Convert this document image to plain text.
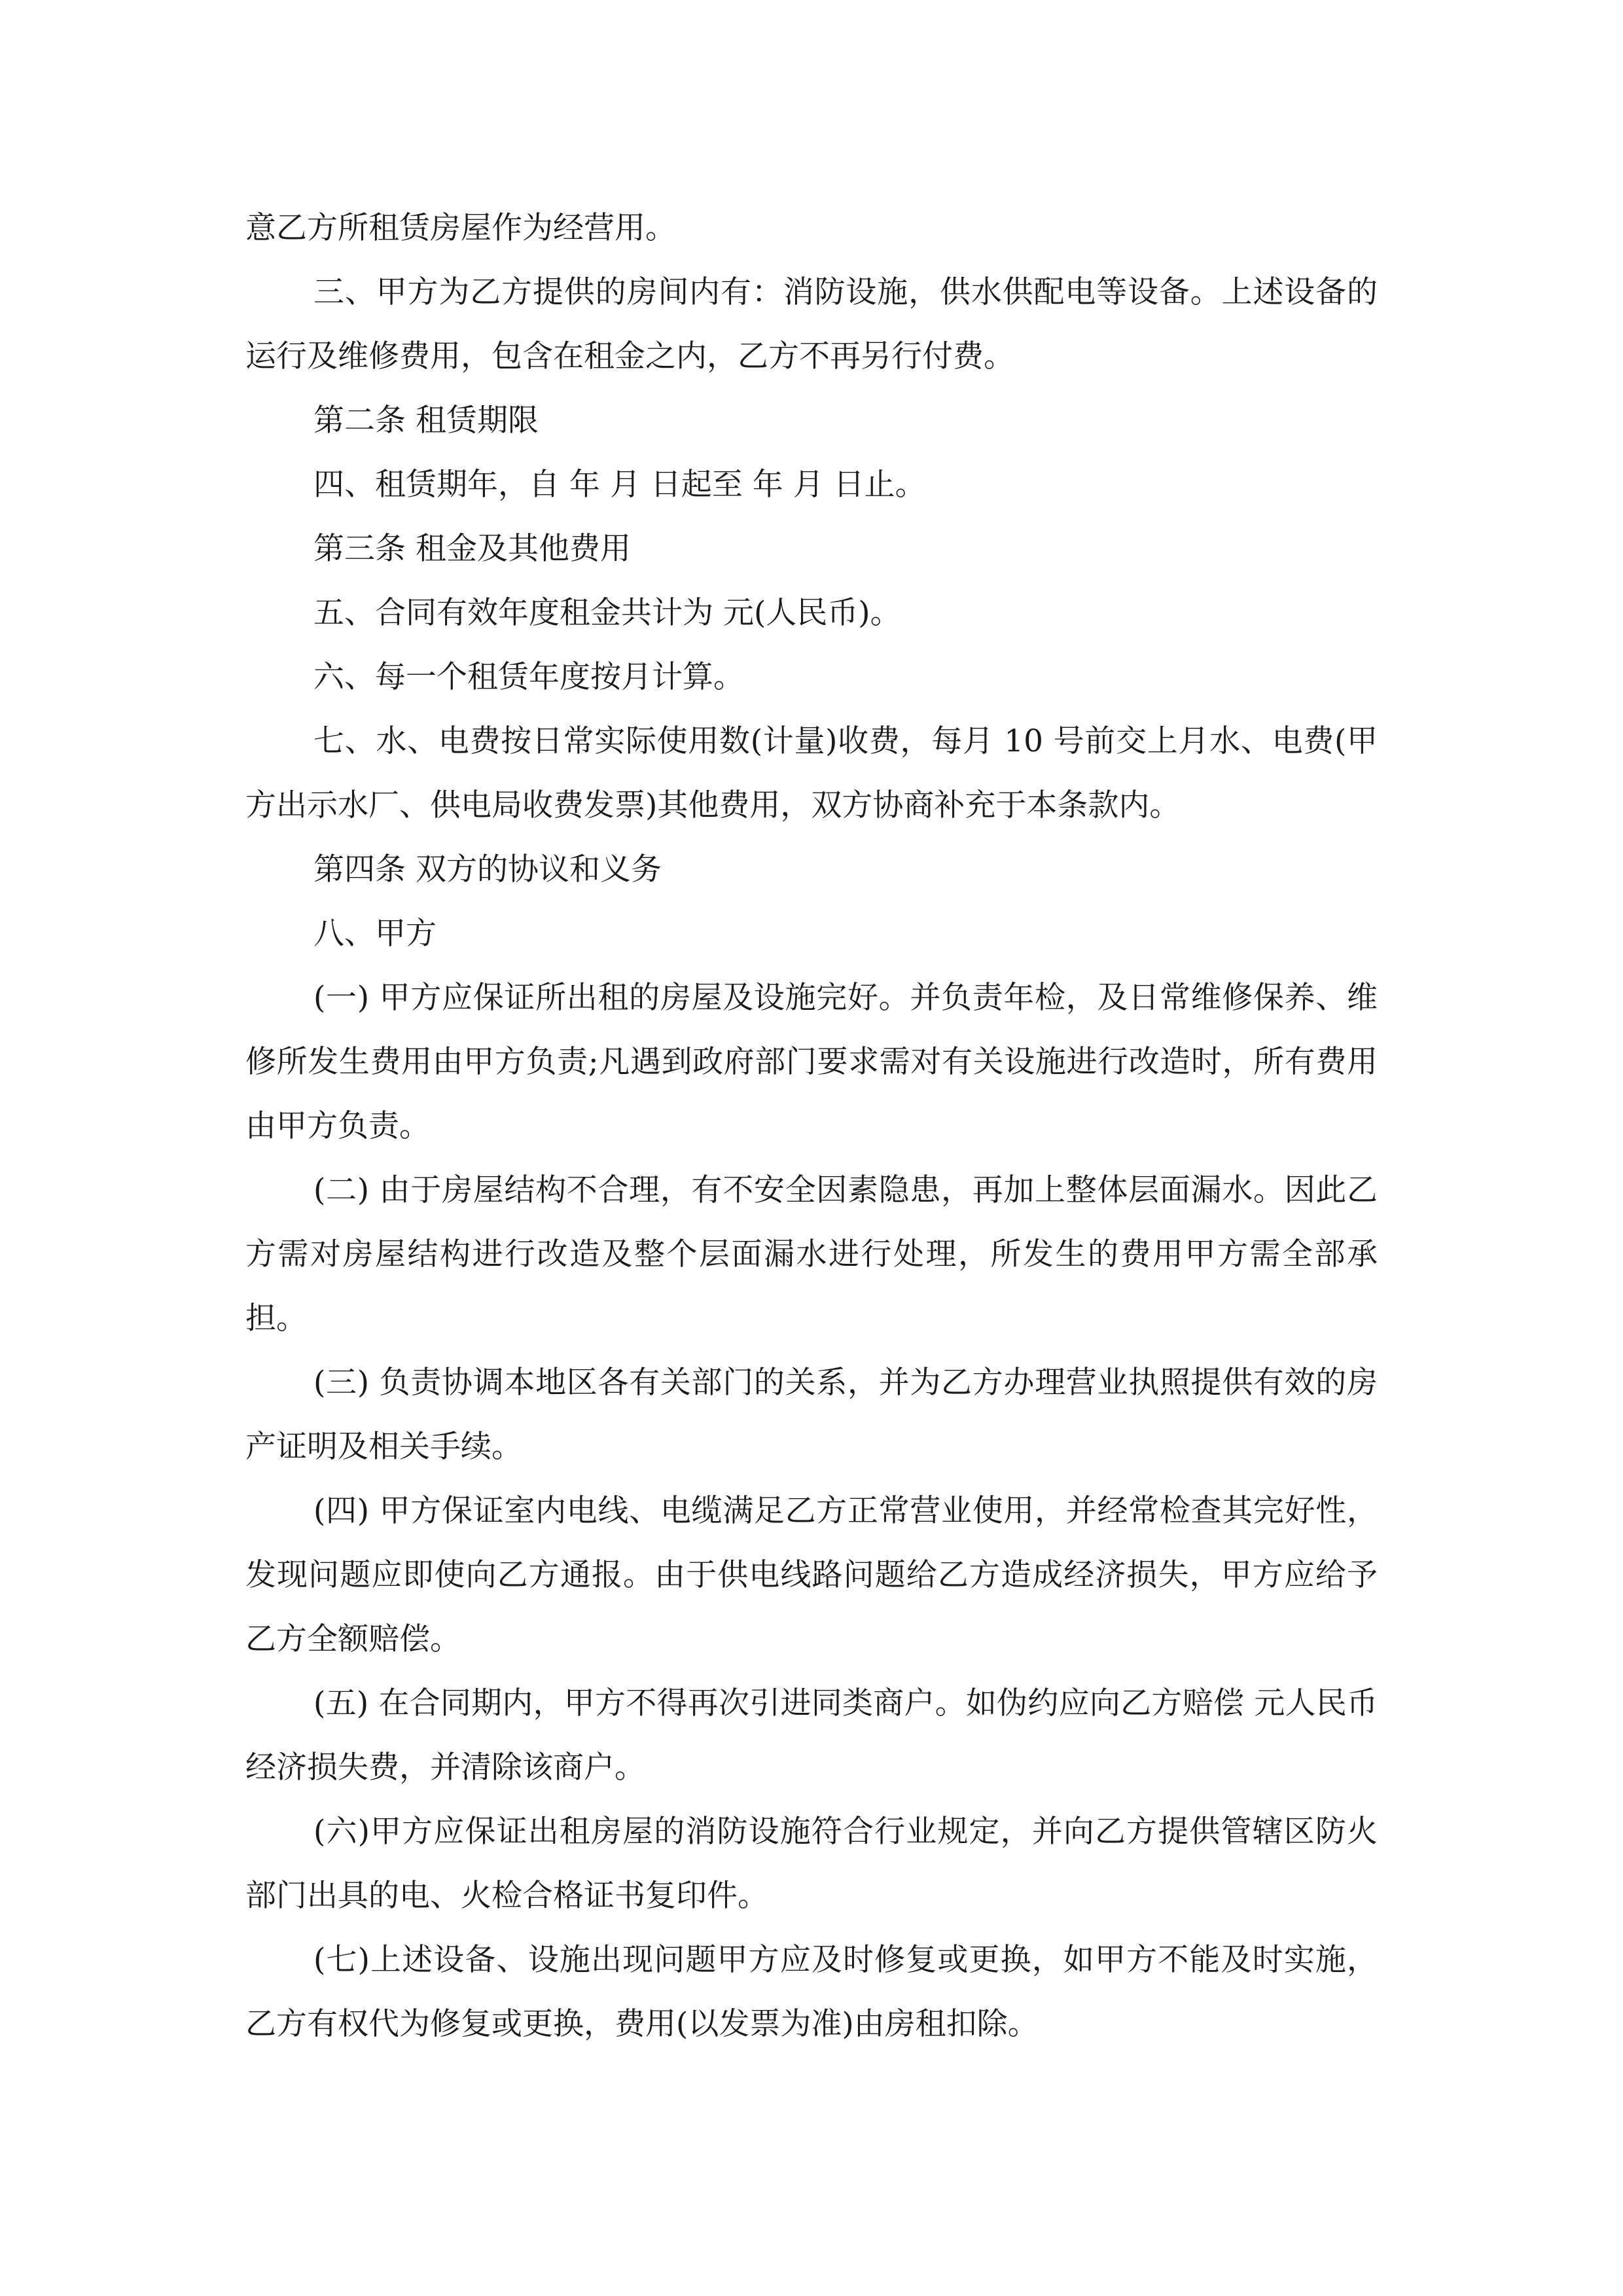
意乙方所租赁房屋作为经营用。

三、甲方为乙方提供的房间内有：消防设施，供水供配电等设备。上述设备的运行及维修费用，包含在租金之内，乙方不再另行付费。

第二条 租赁期限

四、租赁期年，自 年 月 日起至 年 月 日止。

第三条 租金及其他费用

五、合同有效年度租金共计为 元(人民币)。

六、每一个租赁年度按月计算。

七、水、电费按日常实际使用数(计量)收费，每月 10 号前交上月水、电费(甲方出示水厂、供电局收费发票)其他费用，双方协商补充于本条款内。

第四条 双方的协议和义务

八、甲方

(一) 甲方应保证所出租的房屋及设施完好。并负责年检，及日常维修保养、维修所发生费用由甲方负责;凡遇到政府部门要求需对有关设施进行改造时，所有费用由甲方负责。

(二) 由于房屋结构不合理，有不安全因素隐患，再加上整体层面漏水。因此乙方需对房屋结构进行改造及整个层面漏水进行处理，所发生的费用甲方需全部承担。

(三) 负责协调本地区各有关部门的关系，并为乙方办理营业执照提供有效的房产证明及相关手续。

(四) 甲方保证室内电线、电缆满足乙方正常营业使用，并经常检查其完好性，发现问题应即使向乙方通报。由于供电线路问题给乙方造成经济损失，甲方应给予乙方全额赔偿。

(五) 在合同期内，甲方不得再次引进同类商户。如伪约应向乙方赔偿 元人民币经济损失费，并清除该商户。

(六)甲方应保证出租房屋的消防设施符合行业规定，并向乙方提供管辖区防火部门出具的电、火检合格证书复印件。

(七)上述设备、设施出现问题甲方应及时修复或更换，如甲方不能及时实施，乙方有权代为修复或更换，费用(以发票为准)由房租扣除。
